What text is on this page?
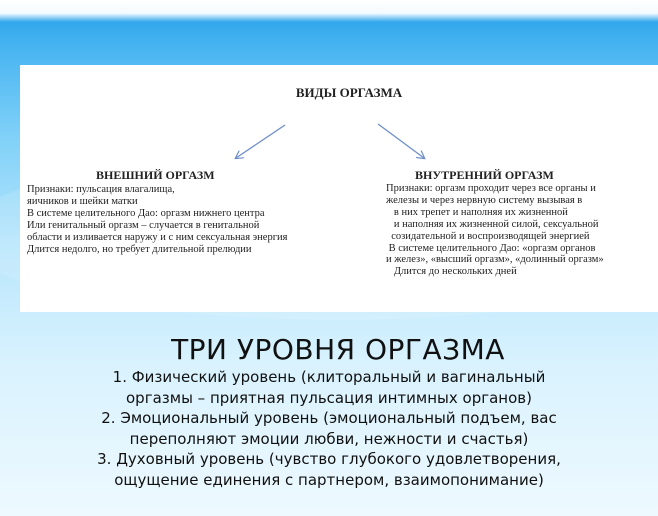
ВИДЫ ОРГАЗМА
ВНЕШНИЙ ОРГАЗМ
Признаки: пульсация влагалища,
яичников и шейки матки
В системе целительного Дао: оргазм нижнего центра
Или генитальный оргазм – случается в генитальной
области и изливается наружу и с ним сексуальная энергия
Длится недолго, но требует длительной прелюдии
ВНУТРЕННИЙ ОРГАЗМ
Признаки: оргазм проходит через все органы и
железы и через нервную систему вызывая в
в них трепет и наполняя их жизненной
и наполняя их жизненной силой, сексуальной
созидательной и воспроизводящей энергией
В системе целительного Дао: «оргазм органов
и желез», «высший оргазм», «долинный оргазм»
Длится до нескольких дней
ТРИ УРОВНЯ ОРГАЗМА
1. Физический уровень (клиторальный и вагинальный
оргазмы – приятная пульсация интимных органов)
2. Эмоциональный уровень (эмоциональный подъем, вас
переполняют эмоции любви, нежности и счастья)
3. Духовный уровень (чувство глубокого удовлетворения,
ощущение единения с партнером, взаимопонимание)
